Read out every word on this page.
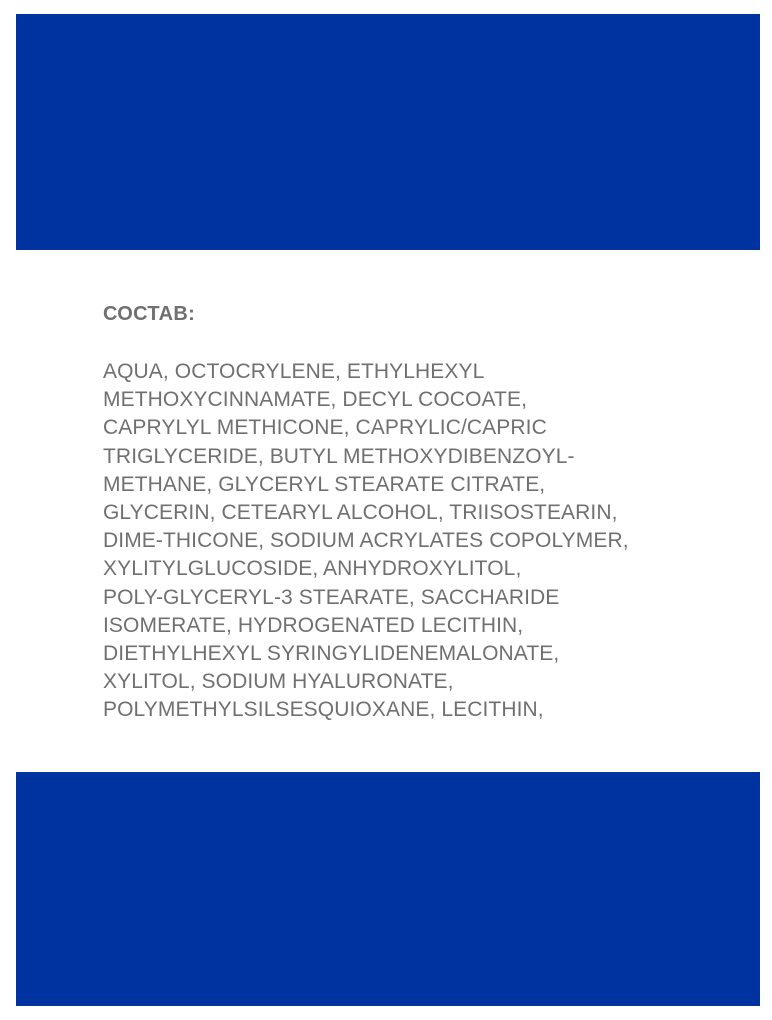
СОСТАВ:

AQUA, OCTOCRYLENE, ETHYLHEXYL
METHOXYCINNAMATE, DECYL COCOATE,
CAPRYLYL METHICONE, CAPRYLIC/CAPRIC
TRIGLYCERIDE, BUTYL METHOXYDIBENZOYL-
METHANE, GLYCERYL STEARATE CITRATE,
GLYCERIN, CETEARYL ALCOHOL, TRIISOSTEARIN,
DIME-THICONE, SODIUM ACRYLATES COPOLYMER,
XYLITYLGLUCOSIDE, ANHYDROXYLITOL,
POLY-GLYCERYL-3 STEARATE, SACCHARIDE
ISOMERATE, HYDROGENATED LECITHIN,
DIETHYLHEXYL SYRINGYLIDENEMALONATE,
XYLITOL, SODIUM HYALURONATE,
POLYMETHYLSILSESQUIOXANE, LECITHIN,
